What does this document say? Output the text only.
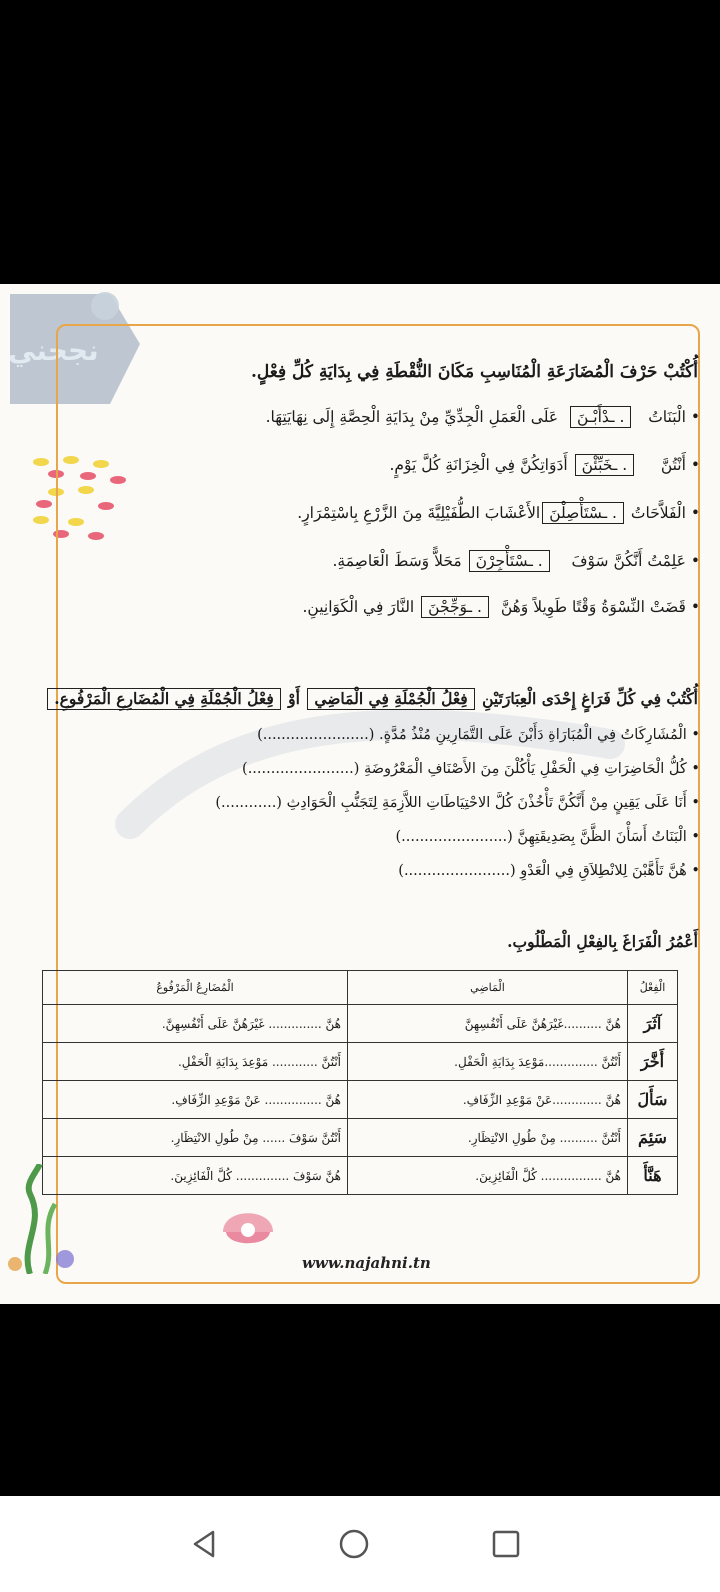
نجحني
أُكْتُبْ حَرْفَ الْمُضَارَعَةِ الْمُنَاسِبِ مَكَانَ النُّقْطَةِ فِي بِدَايَةِ كُلِّ فِعْلٍ.
• الْبَنَاتُ   . ـدْأَبْـنَ  عَلَى الْعَمَلِ الْجِدِّيِّ مِنْ بِدَايَةِ الْحِصَّةِ إِلَى نِهَايَتِهَا.
• أَنْتُنَّ     . ـخَبِّئْنَ أَدَوَاتِكُنَّ فِي الْخِزَانَةِ كُلَّ يَوْمٍ.
• الْفَلاَّحَاتُ . ـسْتَأْصِلْنَالأَعْشَابَ الطُّفَيْلِيَّةَ مِنَ الزَّرْعِ بِاسْتِمْرَارٍ.
• عَلِمْتُ أَنَّكُنَّ سَوْفَ    . ـسْتَأْجِرْنَ مَحَلاًّ وَسَطَ الْعَاصِمَةِ.
• قَضَتْ النِّسْوَةُ وَقْتًا طَوِيلاً وَهُنَّ  . ـوَجِّجْنَ النَّارَ فِي الْكَوَانِينِ.
أُكْتُبْ فِي كُلِّ فَرَاغٍ إِحْدَى الْعِبَارَتَيْنِ فِعْلُ الْجُمْلَةِ فِي الْمَاضِي أَوْ فِعْلُ الْجُمْلَةِ فِي الْمُضَارِعِ الْمَرْفُوعِ.
• الْمُشَارِكَاتُ فِي الْمُبَارَاةِ دَأَبْنَ عَلَى التَّمَارِينِ مُنْذُ مُدَّةٍ. (.......................)
• كُلُّ الْحَاضِرَاتِ فِي الْحَفْلِ يَأْكُلْنَ مِنَ الأَصْنَافِ الْمَعْرُوضَةِ (.......................)
• أَنَا عَلَى يَقِينٍ مِنْ أَنَّكُنَّ تَأْخُذْنَ كُلَّ الاحْتِيَاطَاتِ اللاَّزِمَةِ لِتَجَنُّبِ الْحَوَادِثِ (............)
• الْبَنَاتُ أَسَأْنَ الظَّنَّ بِصَدِيقَتِهِنَّ (.......................)
• هُنَّ تَأَهَّبْنَ لِلانْطِلاَقِ فِي الْعَدْوِ (.......................)
أَعْمُرُ الْفَرَاغَ بِالفِعْلِ الْمَطْلُوبِ.
الْفِعْلُ	الْمَاضِي	الْمُضَارِعُ الْمَرْفُوعُ
آثَرَ	هُنَّ ..........غَيْرَهُنَّ عَلَى أَنْفُسِهِنَّ	هُنَّ .............. غَيْرَهُنَّ عَلَى أَنْفُسِهِنَّ.
أَخَّرَ	أَنْتُنَّ ..............مَوْعِدَ بِدَايَةِ الْحَفْلِ.	أَنْتُنَّ ............ مَوْعِدَ بِدَايَةِ الْحَفْلِ.
سَأَلَ	هُنَّ .............عَنْ مَوْعِدِ الزِّفَافِ.	هُنَّ ............... عَنْ مَوْعِدِ الزِّفَافِ.
سَئِمَ	أَنْتُنَّ .......... مِنْ طُولِ الانْتِظَارِ.	أَنْتُنَّ سَوْفَ ...... مِنْ طُولِ الانْتِظَارِ.
هَنَّأَ	هُنَّ ................ كُلَّ الْفَائِزِينَ.	هُنَّ سَوْفَ .............. كُلَّ الْفَائِزِينَ.
www.najahni.tn
